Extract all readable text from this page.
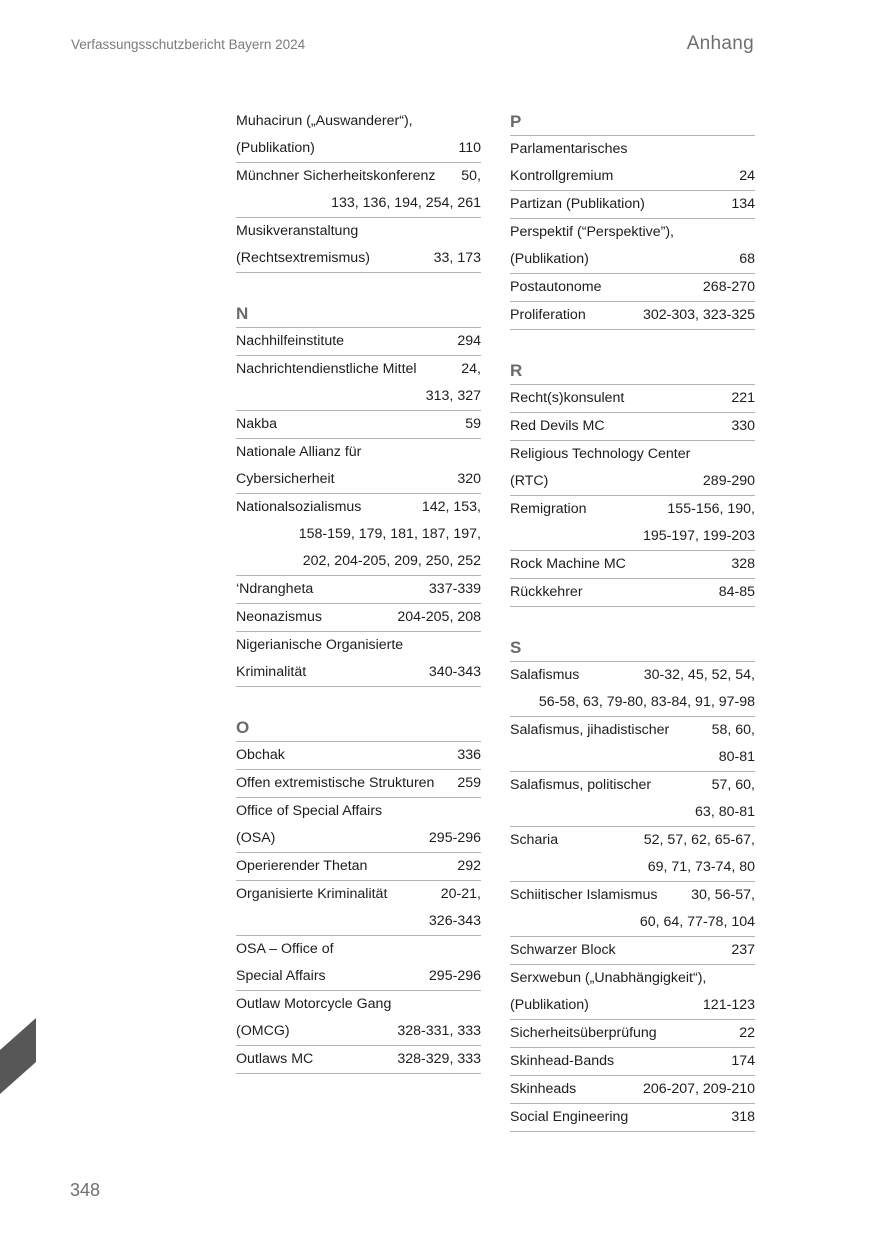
Verfassungsschutzbericht Bayern 2024	Anhang
Muhacirun („Auswanderer“),
(Publikation)	110
Münchner Sicherheitskonferenz	50,
133, 136, 194, 254, 261
Musikveranstaltung
(Rechtsextremismus)	33, 173
N
Nachhilfeinstitute	294
Nachrichtendienstliche Mittel	24,
313, 327
Nakba	59
Nationale Allianz für
Cybersicherheit	320
Nationalsozialismus	142, 153,
158-159, 179, 181, 187, 197,
202, 204-205, 209, 250, 252
‘Ndrangheta	337-339
Neonazismus	204-205, 208
Nigerianische Organisierte
Kriminalität	340-343
O
Obchak	336
Offen extremistische Strukturen	259
Office of Special Affairs
(OSA)	295-296
Operierender Thetan	292
Organisierte Kriminalität	20-21,
326-343
OSA – Office of
Special Affairs	295-296
Outlaw Motorcycle Gang
(OMCG)	328-331, 333
Outlaws MC	328-329, 333
P
Parlamentarisches
Kontrollgremium	24
Partizan (Publikation)	134
Perspektif (“Perspektive”),
(Publikation)	68
Postautonome	268-270
Proliferation	302-303, 323-325
R
Recht(s)konsulent	221
Red Devils MC	330
Religious Technology Center
(RTC)	289-290
Remigration	155-156, 190,
195-197, 199-203
Rock Machine MC	328
Rückkehrer	84-85
S
Salafismus	30-32, 45, 52, 54,
56-58, 63, 79-80, 83-84, 91, 97-98
Salafismus, jihadistischer	58, 60,
80-81
Salafismus, politischer	57, 60,
63, 80-81
Scharia	52, 57, 62, 65-67,
69, 71, 73-74, 80
Schiitischer Islamismus	30, 56-57,
60, 64, 77-78, 104
Schwarzer Block	237
Serxwebun („Unabhängigkeit“),
(Publikation)	121-123
Sicherheitsüberprüfung	22
Skinhead-Bands	174
Skinheads	206-207, 209-210
Social Engineering	318
348
